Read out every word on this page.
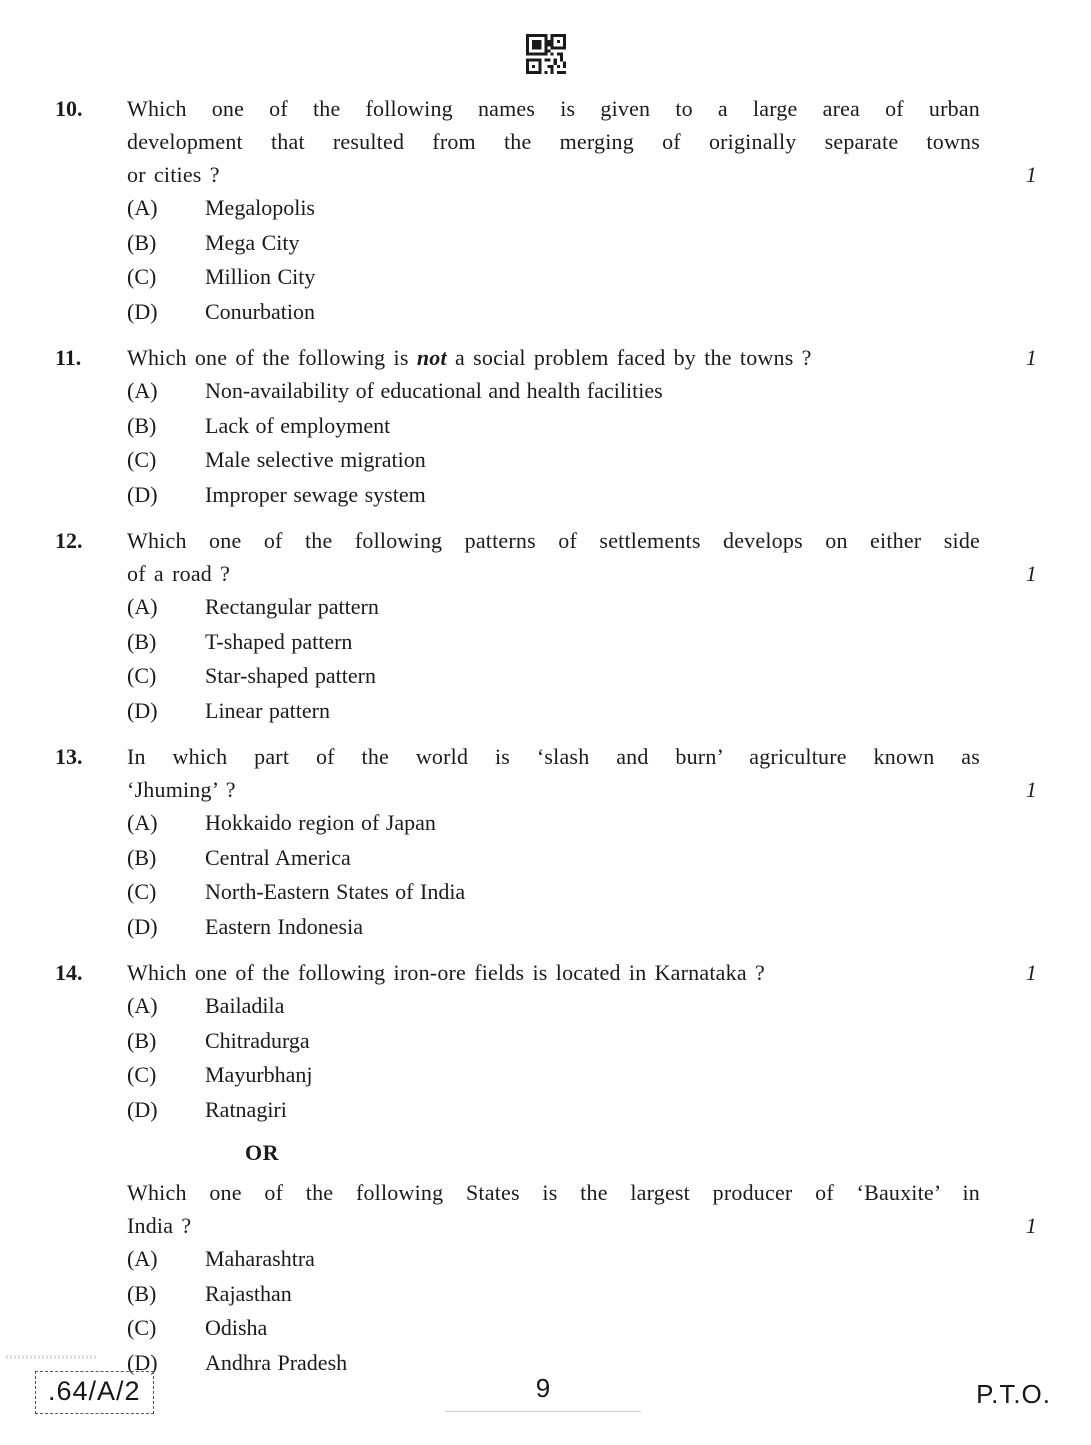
10.	Which one of the following names is given to a large area of urban
development that resulted from the merging of originally separate towns
or cities ?	1
(A)	Megalopolis
(B)	Mega City
(C)	Million City
(D)	Conurbation
11.	Which one of the following is not a social problem faced by the towns ?	1
(A)	Non-availability of educational and health facilities
(B)	Lack of employment
(C)	Male selective migration
(D)	Improper sewage system
12.	Which one of the following patterns of settlements develops on either side
of a road ?	1
(A)	Rectangular pattern
(B)	T-shaped pattern
(C)	Star-shaped pattern
(D)	Linear pattern
13.	In which part of the world is ‘slash and burn’ agriculture known as
‘Jhuming’ ?	1
(A)	Hokkaido region of Japan
(B)	Central America
(C)	North-Eastern States of India
(D)	Eastern Indonesia
14.	Which one of the following iron-ore fields is located in Karnataka ?	1
(A)	Bailadila
(B)	Chitradurga
(C)	Mayurbhanj
(D)	Ratnagiri
OR
Which one of the following States is the largest producer of ‘Bauxite’ in
India ?	1
(A)	Maharashtra
(B)	Rajasthan
(C)	Odisha
(D)	Andhra Pradesh
.64/A/2	9	P.T.O.
